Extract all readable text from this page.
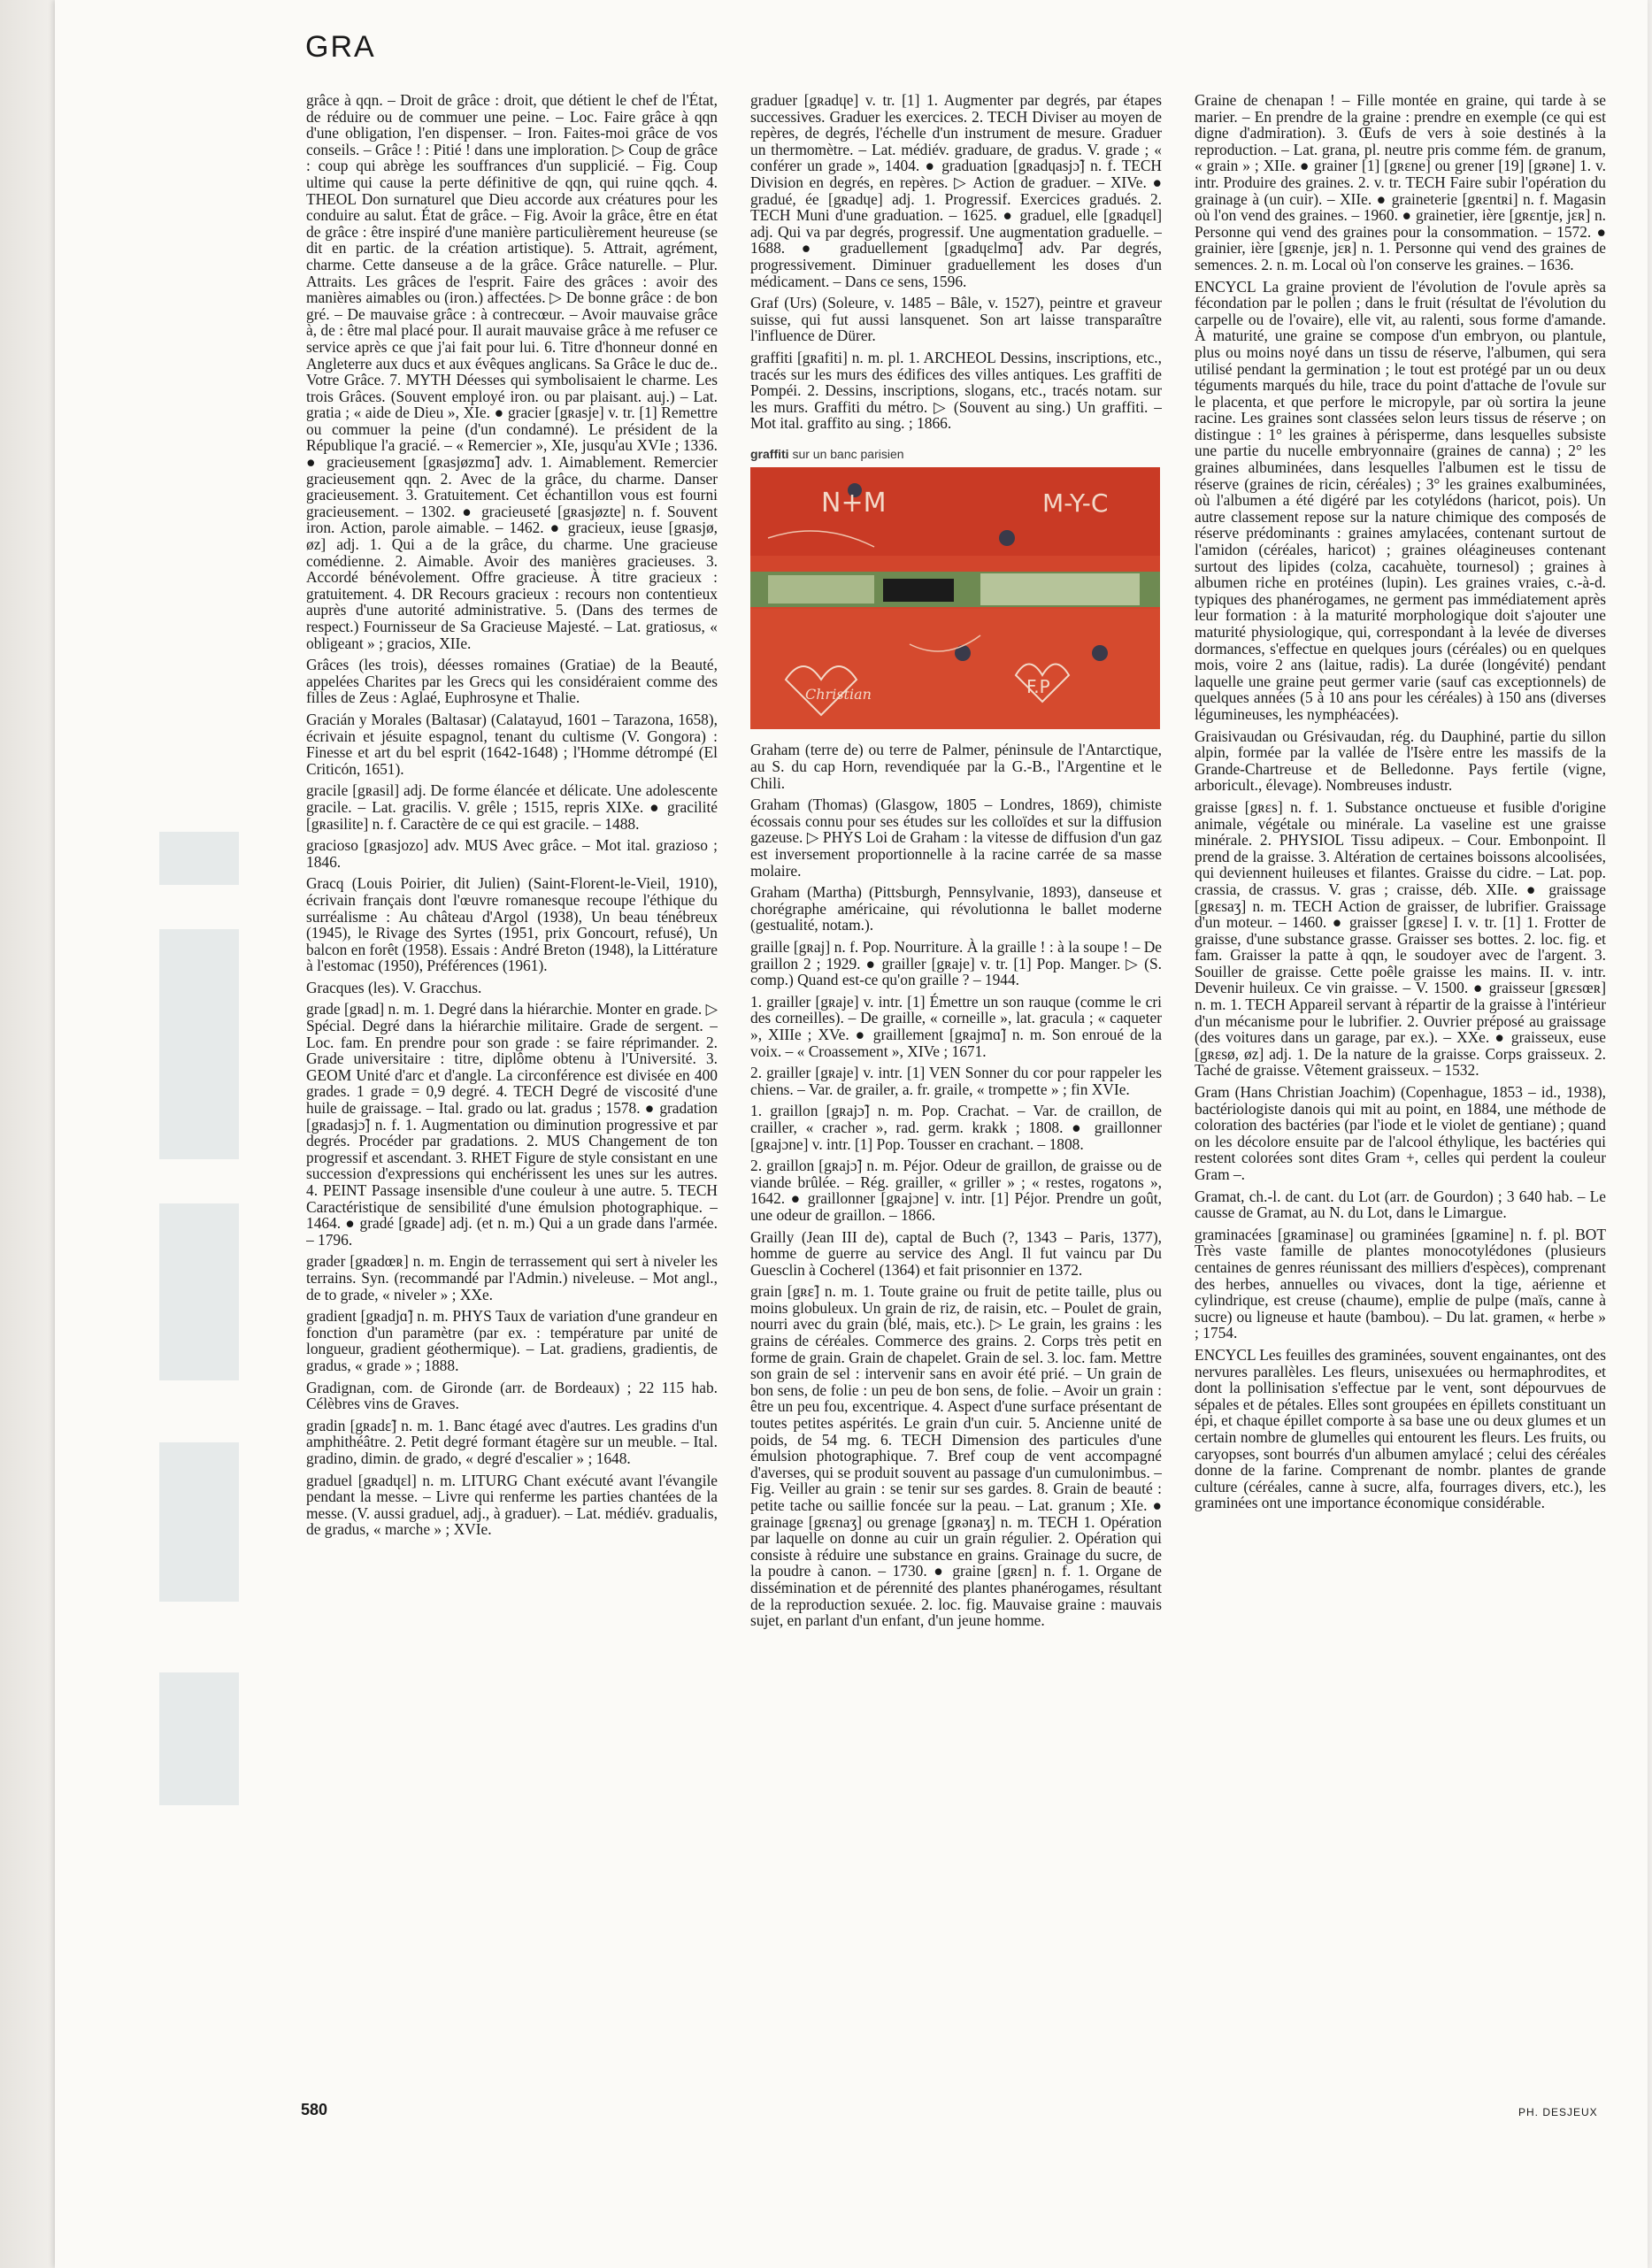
GRA

grâce à qqn. – Droit de grâce : droit, que détient le chef de l'État, de réduire ou de commuer une peine. – Loc. Faire grâce à qqn d'une obligation, l'en dispenser. – Iron. Faites-moi grâce de vos conseils. – Grâce ! : Pitié ! dans une imploration. ▷ Coup de grâce : coup qui abrège les souffrances d'un supplicié. – Fig. Coup ultime qui cause la perte définitive de qqn, qui ruine qqch. 4. THEOL Don surnaturel que Dieu accorde aux créatures pour les conduire au salut. État de grâce. – Fig. Avoir la grâce, être en état de grâce : être inspiré d'une manière particulièrement heureuse (se dit en partic. de la création artistique). 5. Attrait, agrément, charme. Cette danseuse a de la grâce. Grâce naturelle. – Plur. Attraits. Les grâces de l'esprit. Faire des grâces : avoir des manières aimables ou (iron.) affectées. ▷ De bonne grâce : de bon gré. – De mauvaise grâce : à contrecœur. – Avoir mauvaise grâce à, de : être mal placé pour. Il aurait mauvaise grâce à me refuser ce service après ce que j'ai fait pour lui. 6. Titre d'honneur donné en Angleterre aux ducs et aux évêques anglicans. Sa Grâce le duc de.. Votre Grâce. 7. MYTH Déesses qui symbolisaient le charme. Les trois Grâces. (Souvent employé iron. ou par plaisant. auj.) – Lat. gratia ; « aide de Dieu », XIe. ● gracier [gʀasje] v. tr. [1] Remettre ou commuer la peine (d'un condamné). Le président de la République l'a gracié. – « Remercier », XIe, jusqu'au XVIe ; 1336. ● gracieusement [gʀasjøzmɑ̃] adv. 1. Aimablement. Remercier gracieusement qqn. 2. Avec de la grâce, du charme. Danser gracieusement. 3. Gratuitement. Cet échantillon vous est fourni gracieusement. – 1302. ● gracieuseté [gʀasjøzte] n. f. Souvent iron. Action, parole aimable. – 1462. ● gracieux, ieuse [gʀasjø, øz] adj. 1. Qui a de la grâce, du charme. Une gracieuse comédienne. 2. Aimable. Avoir des manières gracieuses. 3. Accordé bénévolement. Offre gracieuse. À titre gracieux : gratuitement. 4. DR Recours gracieux : recours non contentieux auprès d'une autorité administrative. 5. (Dans des termes de respect.) Fournisseur de Sa Gracieuse Majesté. – Lat. gratiosus, « obligeant » ; gracios, XIIe.

Grâces (les trois), déesses romaines (Gratiae) de la Beauté, appelées Charites par les Grecs qui les considéraient comme des filles de Zeus : Aglaé, Euphrosyne et Thalie.

Gracián y Morales (Baltasar) (Calatayud, 1601 – Tarazona, 1658), écrivain et jésuite espagnol, tenant du cultisme (V. Gongora) : Finesse et art du bel esprit (1642-1648) ; l'Homme détrompé (El Criticón, 1651).

gracile [gʀasil] adj. De forme élancée et délicate. Une adolescente gracile. – Lat. gracilis. V. grêle ; 1515, repris XIXe. ● gracilité [gʀasilite] n. f. Caractère de ce qui est gracile. – 1488.

gracioso [gʀasjozo] adv. MUS Avec grâce. – Mot ital. grazioso ; 1846.

Gracq (Louis Poirier, dit Julien) (Saint-Florent-le-Vieil, 1910), écrivain français dont l'œuvre romanesque recoupe l'éthique du surréalisme : Au château d'Argol (1938), Un beau ténébreux (1945), le Rivage des Syrtes (1951, prix Goncourt, refusé), Un balcon en forêt (1958). Essais : André Breton (1948), la Littérature à l'estomac (1950), Préférences (1961).

Gracques (les). V. Gracchus.

grade [gʀad] n. m. 1. Degré dans la hiérarchie. Monter en grade. ▷ Spécial. Degré dans la hiérarchie militaire. Grade de sergent. – Loc. fam. En prendre pour son grade : se faire réprimander. 2. Grade universitaire : titre, diplôme obtenu à l'Université. 3. GEOM Unité d'arc et d'angle. La circonférence est divisée en 400 grades. 1 grade = 0,9 degré. 4. TECH Degré de viscosité d'une huile de graissage. – Ital. grado ou lat. gradus ; 1578. ● gradation [gʀadasjɔ̃] n. f. 1. Augmentation ou diminution progressive et par degrés. Procéder par gradations. 2. MUS Changement de ton progressif et ascendant. 3. RHET Figure de style consistant en une succession d'expressions qui enchérissent les unes sur les autres. 4. PEINT Passage insensible d'une couleur à une autre. 5. TECH Caractéristique de sensibilité d'une émulsion photographique. – 1464. ● gradé [gʀade] adj. (et n. m.) Qui a un grade dans l'armée. – 1796.

grader [gʀadœʀ] n. m. Engin de terrassement qui sert à niveler les terrains. Syn. (recommandé par l'Admin.) niveleuse. – Mot angl., de to grade, « niveler » ; XXe.

gradient [gʀadjɑ̃] n. m. PHYS Taux de variation d'une grandeur en fonction d'un paramètre (par ex. : température par unité de longueur, gradient géothermique). – Lat. gradiens, gradientis, de gradus, « grade » ; 1888.

Gradignan, com. de Gironde (arr. de Bordeaux) ; 22 115 hab. Célèbres vins de Graves.

gradin [gʀadɛ̃] n. m. 1. Banc étagé avec d'autres. Les gradins d'un amphithéâtre. 2. Petit degré formant étagère sur un meuble. – Ital. gradino, dimin. de grado, « degré d'escalier » ; 1648.

graduel [gʀadɥɛl] n. m. LITURG Chant exécuté avant l'évangile pendant la messe. – Livre qui renferme les parties chantées de la messe. (V. aussi graduel, adj., à graduer). – Lat. médiév. gradualis, de gradus, « marche » ; XVIe.

graduer [gʀadɥe] v. tr. [1] 1. Augmenter par degrés, par étapes successives. Graduer les exercices. 2. TECH Diviser au moyen de repères, de degrés, l'échelle d'un instrument de mesure. Graduer un thermomètre. – Lat. médiév. graduare, de gradus. V. grade ; « conférer un grade », 1404. ● graduation [gʀadɥasjɔ̃] n. f. TECH Division en degrés, en repères. ▷ Action de graduer. – XIVe. ● gradué, ée [gʀadɥe] adj. 1. Progressif. Exercices gradués. 2. TECH Muni d'une graduation. – 1625. ● graduel, elle [gʀadɥɛl] adj. Qui va par degrés, progressif. Une augmentation graduelle. – 1688. ● graduellement [gʀadɥɛlmɑ̃] adv. Par degrés, progressivement. Diminuer graduellement les doses d'un médicament. – Dans ce sens, 1596.

Graf (Urs) (Soleure, v. 1485 – Bâle, v. 1527), peintre et graveur suisse, qui fut aussi lansquenet. Son art laisse transparaître l'influence de Dürer.

graffiti [gʀafiti] n. m. pl. 1. ARCHEOL Dessins, inscriptions, etc., tracés sur les murs des édifices des villes antiques. Les graffiti de Pompéi. 2. Dessins, inscriptions, slogans, etc., tracés notam. sur les murs. Graffiti du métro. ▷ (Souvent au sing.) Un graffiti. – Mot ital. graffito au sing. ; 1866.

graffiti sur un banc parisien
N+M	M-Y-C
F.P
Christian

Graham (terre de) ou terre de Palmer, péninsule de l'Antarctique, au S. du cap Horn, revendiquée par la G.-B., l'Argentine et le Chili.

Graham (Thomas) (Glasgow, 1805 – Londres, 1869), chimiste écossais connu pour ses études sur les colloïdes et sur la diffusion gazeuse. ▷ PHYS Loi de Graham : la vitesse de diffusion d'un gaz est inversement proportionnelle à la racine carrée de sa masse molaire.

Graham (Martha) (Pittsburgh, Pennsylvanie, 1893), danseuse et chorégraphe américaine, qui révolutionna le ballet moderne (gestualité, notam.).

graille [gʀaj] n. f. Pop. Nourriture. À la graille ! : à la soupe ! – De graillon 2 ; 1929. ● grailler [gʀaje] v. tr. [1] Pop. Manger. ▷ (S. comp.) Quand est-ce qu'on graille ? – 1944.

1. grailler [gʀaje] v. intr. [1] Émettre un son rauque (comme le cri des corneilles). – De graille, « corneille », lat. gracula ; « caqueter », XIIIe ; XVe. ● graillement [gʀajmɑ̃] n. m. Son enroué de la voix. – « Croassement », XIVe ; 1671.

2. grailler [gʀaje] v. intr. [1] VEN Sonner du cor pour rappeler les chiens. – Var. de grailer, a. fr. graile, « trompette » ; fin XVIe.

1. graillon [gʀajɔ̃] n. m. Pop. Crachat. – Var. de craillon, de crailler, « cracher », rad. germ. krakk ; 1808. ● graillonner [gʀajɔne] v. intr. [1] Pop. Tousser en crachant. – 1808.

2. graillon [gʀajɔ̃] n. m. Péjor. Odeur de graillon, de graisse ou de viande brûlée. – Rég. grailler, « griller » ; « restes, rogatons », 1642. ● graillonner [gʀajɔne] v. intr. [1] Péjor. Prendre un goût, une odeur de graillon. – 1866.

Grailly (Jean III de), captal de Buch (?, 1343 – Paris, 1377), homme de guerre au service des Angl. Il fut vaincu par Du Guesclin à Cocherel (1364) et fait prisonnier en 1372.

grain [gʀɛ̃] n. m. 1. Toute graine ou fruit de petite taille, plus ou moins globuleux. Un grain de riz, de raisin, etc. – Poulet de grain, nourri avec du grain (blé, mais, etc.). ▷ Le grain, les grains : les grains de céréales. Commerce des grains. 2. Corps très petit en forme de grain. Grain de chapelet. Grain de sel. 3. loc. fam. Mettre son grain de sel : intervenir sans en avoir été prié. – Un grain de bon sens, de folie : un peu de bon sens, de folie. – Avoir un grain : être un peu fou, excentrique. 4. Aspect d'une surface présentant de toutes petites aspérités. Le grain d'un cuir. 5. Ancienne unité de poids, de 54 mg. 6. TECH Dimension des particules d'une émulsion photographique. 7. Bref coup de vent accompagné d'averses, qui se produit souvent au passage d'un cumulonimbus. – Fig. Veiller au grain : se tenir sur ses gardes. 8. Grain de beauté : petite tache ou saillie foncée sur la peau. – Lat. granum ; XIe. ● grainage [gʀɛnaʒ] ou grenage [gʀənaʒ] n. m. TECH 1. Opération par laquelle on donne au cuir un grain régulier. 2. Opération qui consiste à réduire une substance en grains. Grainage du sucre, de la poudre à canon. – 1730. ● graine [gʀɛn] n. f. 1. Organe de dissémination et de pérennité des plantes phanérogames, résultant de la reproduction sexuée. 2. loc. fig. Mauvaise graine : mauvais sujet, en parlant d'un enfant, d'un jeune homme.

Graine de chenapan ! – Fille montée en graine, qui tarde à se marier. – En prendre de la graine : prendre en exemple (ce qui est digne d'admiration). 3. Œufs de vers à soie destinés à la reproduction. – Lat. grana, pl. neutre pris comme fém. de granum, « grain » ; XIIe. ● grainer [1] [gʀɛne] ou grener [19] [gʀəne] 1. v. intr. Produire des graines. 2. v. tr. TECH Faire subir l'opération du grainage à (un cuir). – XIIe. ● graineterie [gʀɛntʀi] n. f. Magasin où l'on vend des graines. – 1960. ● grainetier, ière [gʀɛntje, jɛʀ] n. Personne qui vend des graines pour la consommation. – 1572. ● grainier, ière [gʀɛnje, jɛʀ] n. 1. Personne qui vend des graines de semences. 2. n. m. Local où l'on conserve les graines. – 1636.

ENCYCL La graine provient de l'évolution de l'ovule après sa fécondation par le pollen ; dans le fruit (résultat de l'évolution du carpelle ou de l'ovaire), elle vit, au ralenti, sous forme d'amande. À maturité, une graine se compose d'un embryon, ou plantule, plus ou moins noyé dans un tissu de réserve, l'albumen, qui sera utilisé pendant la germination ; le tout est protégé par un ou deux téguments marqués du hile, trace du point d'attache de l'ovule sur le placenta, et que perfore le micropyle, par où sortira la jeune racine. Les graines sont classées selon leurs tissus de réserve ; on distingue : 1° les graines à périsperme, dans lesquelles subsiste une partie du nucelle embryonnaire (graines de canna) ; 2° les graines albuminées, dans lesquelles l'albumen est le tissu de réserve (graines de ricin, céréales) ; 3° les graines exalbuminées, où l'albumen a été digéré par les cotylédons (haricot, pois). Un autre classement repose sur la nature chimique des composés de réserve prédominants : graines amylacées, contenant surtout de l'amidon (céréales, haricot) ; graines oléagineuses contenant surtout des lipides (colza, cacahuète, tournesol) ; graines à albumen riche en protéines (lupin). Les graines vraies, c.-à-d. typiques des phanérogames, ne germent pas immédiatement après leur formation : à la maturité morphologique doit s'ajouter une maturité physiologique, qui, correspondant à la levée de diverses dormances, s'effectue en quelques jours (céréales) ou en quelques mois, voire 2 ans (laitue, radis). La durée (longévité) pendant laquelle une graine peut germer varie (sauf cas exceptionnels) de quelques années (5 à 10 ans pour les céréales) à 150 ans (diverses légumineuses, les nymphéacées).

Graisivaudan ou Grésivaudan, rég. du Dauphiné, partie du sillon alpin, formée par la vallée de l'Isère entre les massifs de la Grande-Chartreuse et de Belledonne. Pays fertile (vigne, arboricult., élevage). Nombreuses industr.

graisse [gʀɛs] n. f. 1. Substance onctueuse et fusible d'origine animale, végétale ou minérale. La vaseline est une graisse minérale. 2. PHYSIOL Tissu adipeux. – Cour. Embonpoint. Il prend de la graisse. 3. Altération de certaines boissons alcoolisées, qui deviennent huileuses et filantes. Graisse du cidre. – Lat. pop. crassia, de crassus. V. gras ; craisse, déb. XIIe. ● graissage [gʀɛsaʒ] n. m. TECH Action de graisser, de lubrifier. Graissage d'un moteur. – 1460. ● graisser [gʀɛse] I. v. tr. [1] 1. Frotter de graisse, d'une substance grasse. Graisser ses bottes. 2. loc. fig. et fam. Graisser la patte à qqn, le soudoyer avec de l'argent. 3. Souiller de graisse. Cette poêle graisse les mains. II. v. intr. Devenir huileux. Ce vin graisse. – V. 1500. ● graisseur [gʀɛsœʀ] n. m. 1. TECH Appareil servant à répartir de la graisse à l'intérieur d'un mécanisme pour le lubrifier. 2. Ouvrier préposé au graissage (des voitures dans un garage, par ex.). – XXe. ● graisseux, euse [gʀɛsø, øz] adj. 1. De la nature de la graisse. Corps graisseux. 2. Taché de graisse. Vêtement graisseux. – 1532.

Gram (Hans Christian Joachim) (Copenhague, 1853 – id., 1938), bactériologiste danois qui mit au point, en 1884, une méthode de coloration des bactéries (par l'iode et le violet de gentiane) ; quand on les décolore ensuite par de l'alcool éthylique, les bactéries qui restent colorées sont dites Gram +, celles qui perdent la couleur Gram –.

Gramat, ch.-l. de cant. du Lot (arr. de Gourdon) ; 3 640 hab. – Le causse de Gramat, au N. du Lot, dans le Limargue.

graminacées [gʀaminase] ou graminées [gʀamine] n. f. pl. BOT Très vaste famille de plantes monocotylédones (plusieurs centaines de genres réunissant des milliers d'espèces), comprenant des herbes, annuelles ou vivaces, dont la tige, aérienne et cylindrique, est creuse (chaume), emplie de pulpe (maïs, canne à sucre) ou ligneuse et haute (bambou). – Du lat. gramen, « herbe » ; 1754.

ENCYCL Les feuilles des graminées, souvent engainantes, ont des nervures parallèles. Les fleurs, unisexuées ou hermaphrodites, et dont la pollinisation s'effectue par le vent, sont dépourvues de sépales et de pétales. Elles sont groupées en épillets constituant un épi, et chaque épillet comporte à sa base une ou deux glumes et un certain nombre de glumelles qui entourent les fleurs. Les fruits, ou caryopses, sont bourrés d'un albumen amylacé ; celui des céréales donne de la farine. Comprenant de nombr. plantes de grande culture (céréales, canne à sucre, alfa, fourrages divers, etc.), les graminées ont une importance économique considérable.

580	PH. DESJEUX
